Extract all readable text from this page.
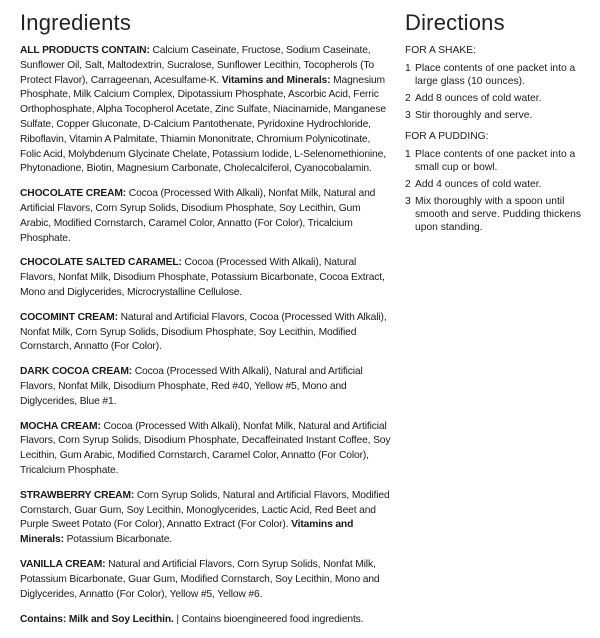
Ingredients

ALL PRODUCTS CONTAIN: Calcium Caseinate, Fructose, Sodium Caseinate, Sunflower Oil, Salt, Maltodextrin, Sucralose, Sunflower Lecithin, Tocopherols (To Protect Flavor), Carrageenan, Acesulfame-K. Vitamins and Minerals: Magnesium Phosphate, Milk Calcium Complex, Dipotassium Phosphate, Ascorbic Acid, Ferric Orthophosphate, Alpha Tocopherol Acetate, Zinc Sulfate, Niacinamide, Manganese Sulfate, Copper Gluconate, D-Calcium Pantothenate, Pyridoxine Hydrochloride, Riboflavin, Vitamin A Palmitate, Thiamin Mononitrate, Chromium Polynicotinate, Folic Acid, Molybdenum Glycinate Chelate, Potassium Iodide, L-Selenomethionine, Phytonadione, Biotin, Magnesium Carbonate, Cholecalciferol, Cyanocobalamin.

CHOCOLATE CREAM: Cocoa (Processed With Alkali), Nonfat Milk, Natural and Artificial Flavors, Corn Syrup Solids, Disodium Phosphate, Soy Lecithin, Gum Arabic, Modified Cornstarch, Caramel Color, Annatto (For Color), Tricalcium Phosphate.

CHOCOLATE SALTED CARAMEL: Cocoa (Processed With Alkali), Natural Flavors, Nonfat Milk, Disodium Phosphate, Potassium Bicarbonate, Cocoa Extract, Mono and Diglycerides, Microcrystalline Cellulose.

COCOMINT CREAM: Natural and Artificial Flavors, Cocoa (Processed With Alkali), Nonfat Milk, Corn Syrup Solids, Disodium Phosphate, Soy Lecithin, Modified Cornstarch, Annatto (For Color).

DARK COCOA CREAM: Cocoa (Processed With Alkali), Natural and Artificial Flavors, Nonfat Milk, Disodium Phosphate, Red #40, Yellow #5, Mono and Diglycerides, Blue #1.

MOCHA CREAM: Cocoa (Processed With Alkali), Nonfat Milk, Natural and Artificial Flavors, Corn Syrup Solids, Disodium Phosphate, Decaffeinated Instant Coffee, Soy Lecithin, Gum Arabic, Modified Cornstarch, Caramel Color, Annatto (For Color), Tricalcium Phosphate.

STRAWBERRY CREAM: Corn Syrup Solids, Natural and Artificial Flavors, Modified Cornstarch, Guar Gum, Soy Lecithin, Monoglycerides, Lactic Acid, Red Beet and Purple Sweet Potato (For Color), Annatto Extract (For Color). Vitamins and Minerals: Potassium Bicarbonate.

VANILLA CREAM: Natural and Artificial Flavors, Corn Syrup Solids, Nonfat Milk, Potassium Bicarbonate, Guar Gum, Modified Cornstarch, Soy Lecithin, Mono and Diglycerides, Annatto (For Color), Yellow #5, Yellow #6.

Contains: Milk and Soy Lecithin. | Contains bioengineered food ingredients.

Directions
FOR A SHAKE:
1 Place contents of one packet into a large glass (10 ounces).
2 Add 8 ounces of cold water.
3 Stir thoroughly and serve.
FOR A PUDDING:
1 Place contents of one packet into a small cup or bowl.
2 Add 4 ounces of cold water.
3 Mix thoroughly with a spoon until smooth and serve. Pudding thickens upon standing.
